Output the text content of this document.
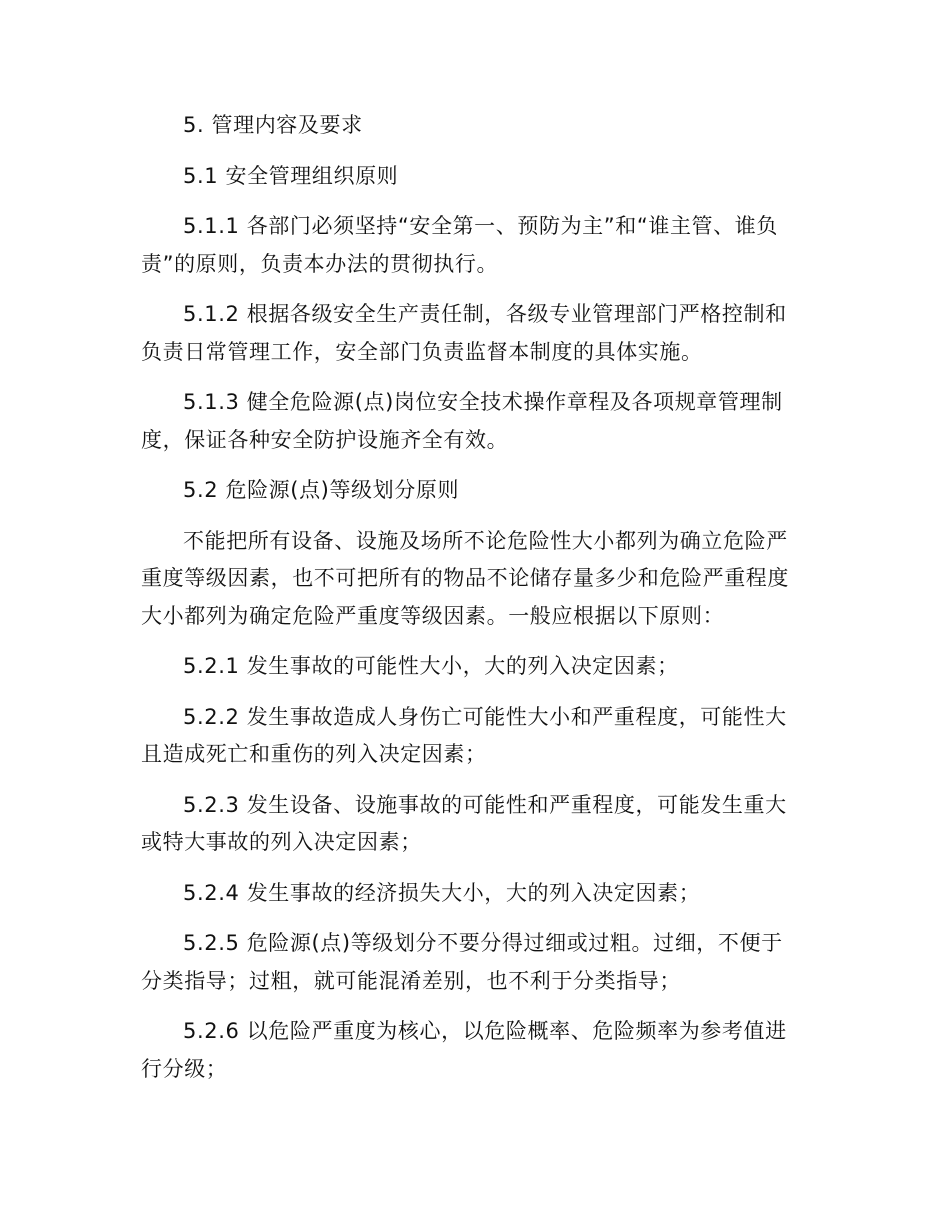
5. 管理内容及要求

5.1 安全管理组织原则

5.1.1 各部门必须坚持“安全第一、预防为主”和“谁主管、谁负责”的原则，负责本办法的贯彻执行。

5.1.2 根据各级安全生产责任制，各级专业管理部门严格控制和负责日常管理工作，安全部门负责监督本制度的具体实施。

5.1.3 健全危险源(点)岗位安全技术操作章程及各项规章管理制度，保证各种安全防护设施齐全有效。

5.2 危险源(点)等级划分原则

不能把所有设备、设施及场所不论危险性大小都列为确立危险严重度等级因素，也不可把所有的物品不论储存量多少和危险严重程度大小都列为确定危险严重度等级因素。一般应根据以下原则：

5.2.1 发生事故的可能性大小，大的列入决定因素；

5.2.2 发生事故造成人身伤亡可能性大小和严重程度，可能性大且造成死亡和重伤的列入决定因素；

5.2.3 发生设备、设施事故的可能性和严重程度，可能发生重大或特大事故的列入决定因素；

5.2.4 发生事故的经济损失大小，大的列入决定因素；

5.2.5 危险源(点)等级划分不要分得过细或过粗。过细，不便于分类指导；过粗，就可能混淆差别，也不利于分类指导；

5.2.6 以危险严重度为核心，以危险概率、危险频率为参考值进行分级；
